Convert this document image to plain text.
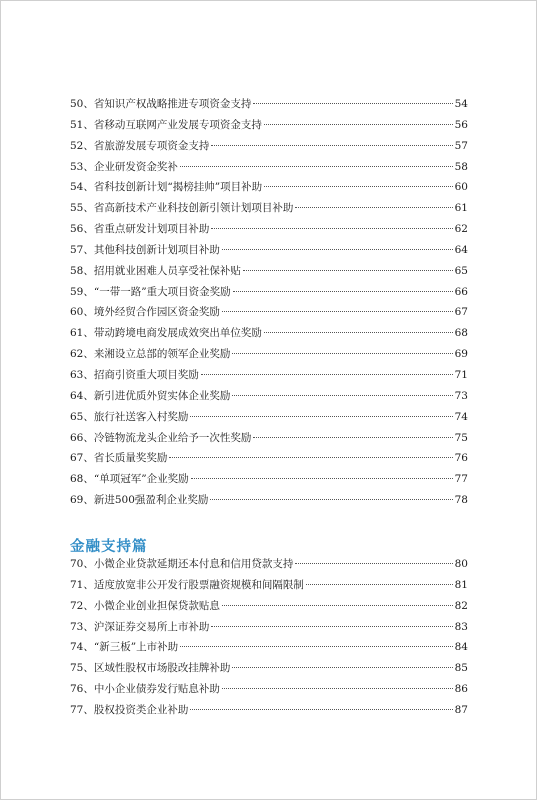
50、省知识产权战略推进专项资金支持	54
51、省移动互联网产业发展专项资金支持	56
52、省旅游发展专项资金支持	57
53、企业研发资金奖补	58
54、省科技创新计划“揭榜挂帅”项目补助	60
55、省高新技术产业科技创新引领计划项目补助	61
56、省重点研发计划项目补助	62
57、其他科技创新计划项目补助	64
58、招用就业困难人员享受社保补贴	65
59、“一带一路”重大项目资金奖励	66
60、境外经贸合作园区资金奖励	67
61、带动跨境电商发展成效突出单位奖励	68
62、来湘设立总部的领军企业奖励	69
63、招商引资重大项目奖励	71
64、新引进优质外贸实体企业奖励	73
65、旅行社送客入村奖励	74
66、冷链物流龙头企业给予一次性奖励	75
67、省长质量奖奖励	76
68、“单项冠军”企业奖励	77
69、新进500强盈利企业奖励	78
金融支持篇
70、小微企业贷款延期还本付息和信用贷款支持	80
71、适度放宽非公开发行股票融资规模和间隔限制	81
72、小微企业创业担保贷款贴息	82
73、沪深证券交易所上市补助	83
74、“新三板”上市补助	84
75、区域性股权市场股改挂牌补助	85
76、中小企业债券发行贴息补助	86
77、股权投资类企业补助	87
